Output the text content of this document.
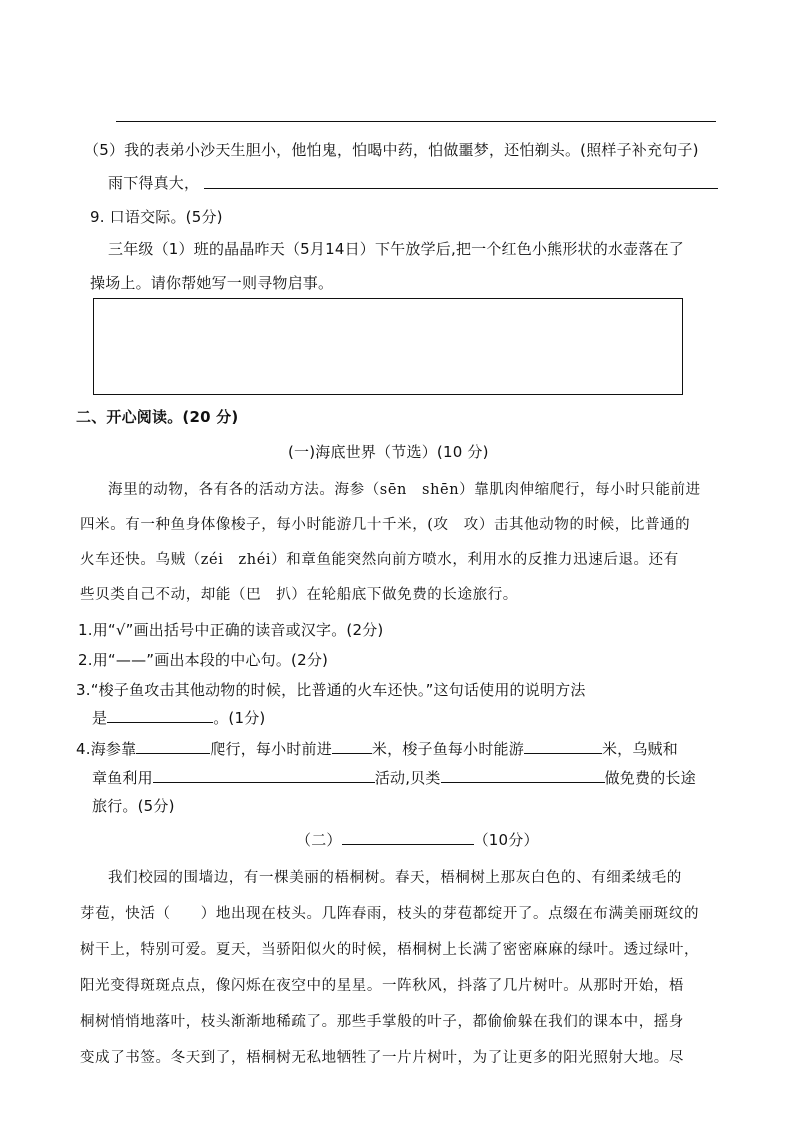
（5）我的表弟小沙天生胆小，他怕鬼，怕喝中药，怕做噩梦，还怕剃头。(照样子补充句子)
雨下得真大，
9. 口语交际。(5分)
三年级（1）班的晶晶昨天（5月14日）下午放学后,把一个红色小熊形状的水壶落在了
操场上。请你帮她写一则寻物启事。
二、开心阅读。(20 分)
(一)海底世界（节选）(10 分)
海里的动物，各有各的活动方法。海参（sēn　shēn）靠肌肉伸缩爬行，每小时只能前进
四米。有一种鱼身体像梭子，每小时能游几十千米，(攻　攻）击其他动物的时候，比普通的
火车还快。乌贼（zéi　zhéi）和章鱼能突然向前方喷水，利用水的反推力迅速后退。还有
些贝类自己不动，却能（巴　扒）在轮船底下做免费的长途旅行。
1.用“√”画出括号中正确的读音或汉字。(2分)
2.用“——”画出本段的中心句。(2分)
3.“梭子鱼攻击其他动物的时候，比普通的火车还快。”这句话使用的说明方法
是	。(1分)
4.海参靠	爬行，每小时前进	米，梭子鱼每小时能游	米，乌贼和
章鱼利用	活动,贝类	做免费的长途
旅行。(5分)
（二）	（10分）
我们校园的围墙边，有一棵美丽的梧桐树。春天，梧桐树上那灰白色的、有细柔绒毛的
芽苞，快活（　　）地出现在枝头。几阵春雨，枝头的芽苞都绽开了。点缀在布满美丽斑纹的
树干上，特别可爱。夏天，当骄阳似火的时候，梧桐树上长满了密密麻麻的绿叶。透过绿叶，
阳光变得斑斑点点，像闪烁在夜空中的星星。一阵秋风，抖落了几片树叶。从那时开始，梧
桐树悄悄地落叶，枝头渐渐地稀疏了。那些手掌般的叶子，都偷偷躲在我们的课本中，摇身
变成了书签。冬天到了，梧桐树无私地牺牲了一片片树叶，为了让更多的阳光照射大地。尽
